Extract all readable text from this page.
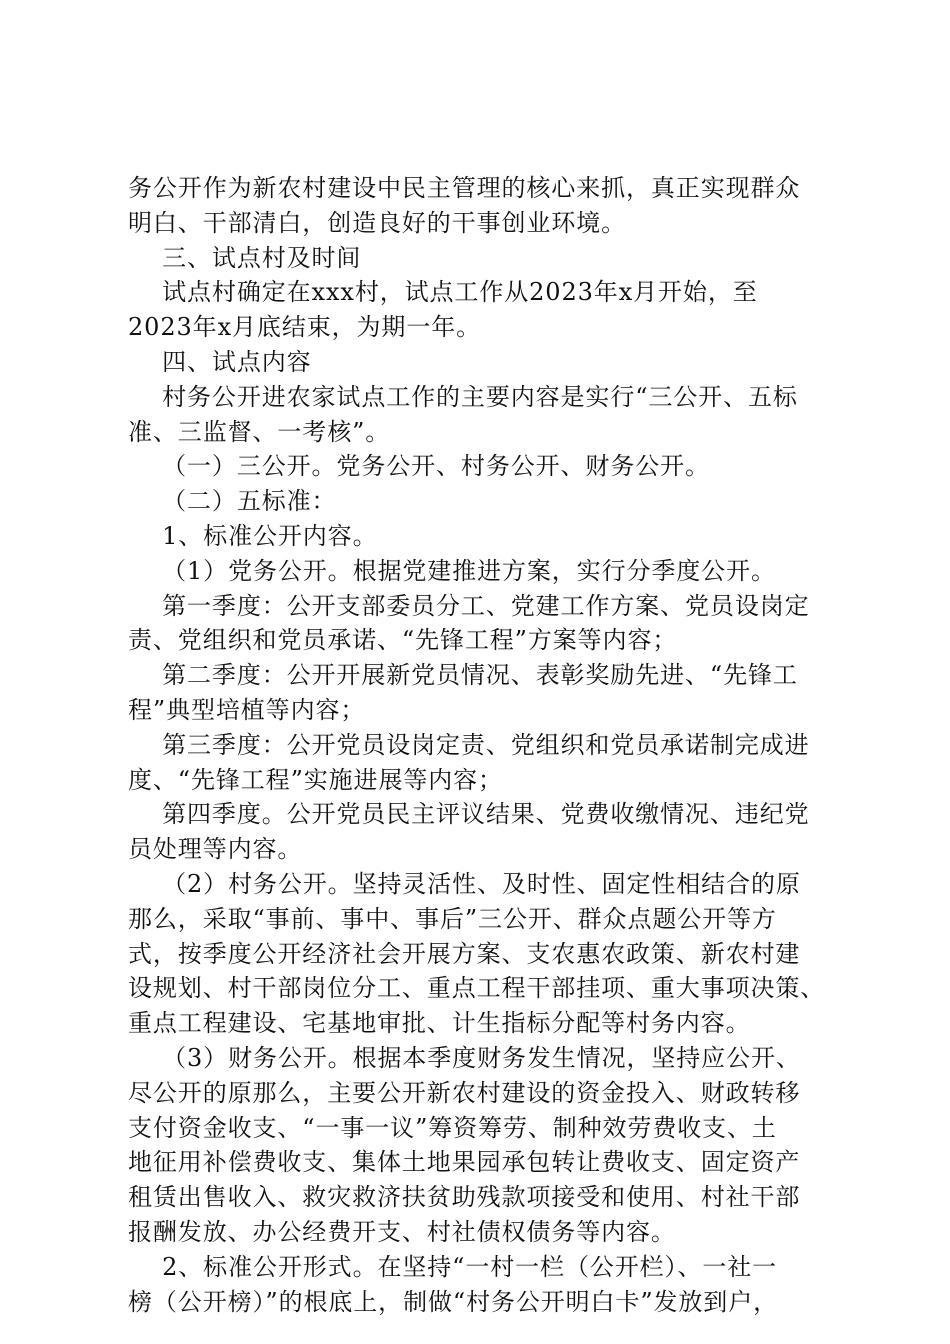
务公开作为新农村建设中民主管理的核心来抓，真正实现群众
明白、干部清白，创造良好的干事创业环境。
三、试点村及时间
试点村确定在xxx村，试点工作从2023年x月开始，至
2023年x月底结束，为期一年。
四、试点内容
村务公开进农家试点工作的主要内容是实行“三公开、五标
准、三监督、一考核”。
（一）三公开。党务公开、村务公开、财务公开。
（二）五标准：
1、标准公开内容。
（1）党务公开。根据党建推进方案，实行分季度公开。
第一季度：公开支部委员分工、党建工作方案、党员设岗定
责、党组织和党员承诺、“先锋工程”方案等内容；
第二季度：公开开展新党员情况、表彰奖励先进、“先锋工
程”典型培植等内容；
第三季度：公开党员设岗定责、党组织和党员承诺制完成进
度、“先锋工程”实施进展等内容；
第四季度。公开党员民主评议结果、党费收缴情况、违纪党
员处理等内容。
（2）村务公开。坚持灵活性、及时性、固定性相结合的原
那么，采取“事前、事中、事后”三公开、群众点题公开等方
式，按季度公开经济社会开展方案、支农惠农政策、新农村建
设规划、村干部岗位分工、重点工程干部挂项、重大事项决策、
重点工程建设、宅基地审批、计生指标分配等村务内容。
（3）财务公开。根据本季度财务发生情况，坚持应公开、
尽公开的原那么，主要公开新农村建设的资金投入、财政转移
支付资金收支、“一事一议”筹资筹劳、制种效劳费收支、土
地征用补偿费收支、集体土地果园承包转让费收支、固定资产
租赁出售收入、救灾救济扶贫助残款项接受和使用、村社干部
报酬发放、办公经费开支、村社债权债务等内容。
2、标准公开形式。在坚持“一村一栏（公开栏）、一社一
榜（公开榜）”的根底上，制做“村务公开明白卡”发放到户，
